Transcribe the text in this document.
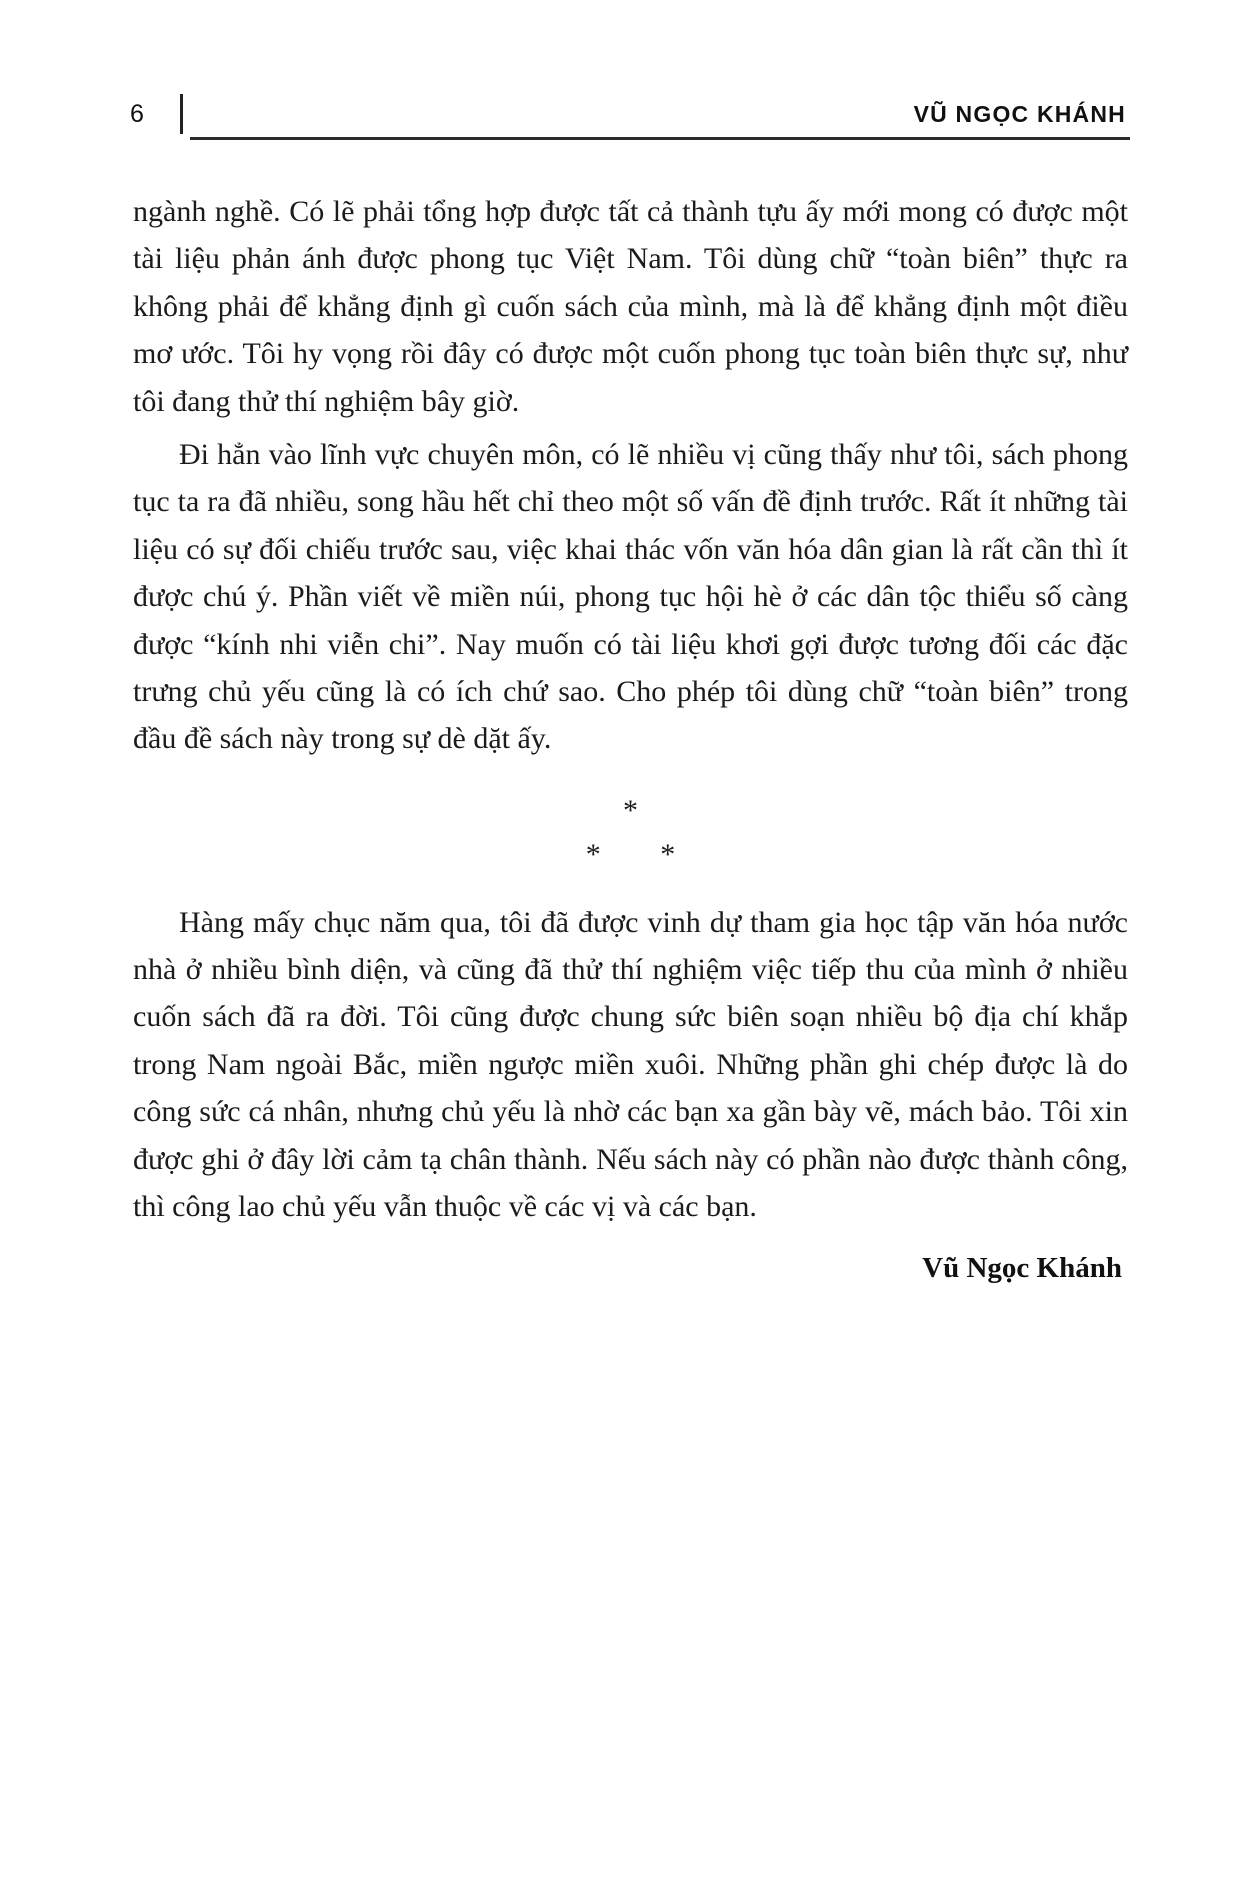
6	VŨ NGỌC KHÁNH

ngành nghề. Có lẽ phải tổng hợp được tất cả thành tựu ấy mới mong có được một tài liệu phản ánh được phong tục Việt Nam. Tôi dùng chữ “toàn biên” thực ra không phải để khẳng định gì cuốn sách của mình, mà là để khẳng định một điều mơ ước. Tôi hy vọng rồi đây có được một cuốn phong tục toàn biên thực sự, như tôi đang thử thí nghiệm bây giờ.

Đi hẳn vào lĩnh vực chuyên môn, có lẽ nhiều vị cũng thấy như tôi, sách phong tục ta ra đã nhiều, song hầu hết chỉ theo một số vấn đề định trước. Rất ít những tài liệu có sự đối chiếu trước sau, việc khai thác vốn văn hóa dân gian là rất cần thì ít được chú ý. Phần viết về miền núi, phong tục hội hè ở các dân tộc thiểu số càng được “kính nhi viễn chi”. Nay muốn có tài liệu khơi gợi được tương đối các đặc trưng chủ yếu cũng là có ích chứ sao. Cho phép tôi dùng chữ “toàn biên” trong đầu đề sách này trong sự dè dặt ấy.

*
* *

Hàng mấy chục năm qua, tôi đã được vinh dự tham gia học tập văn hóa nước nhà ở nhiều bình diện, và cũng đã thử thí nghiệm việc tiếp thu của mình ở nhiều cuốn sách đã ra đời. Tôi cũng được chung sức biên soạn nhiều bộ địa chí khắp trong Nam ngoài Bắc, miền ngược miền xuôi. Những phần ghi chép được là do công sức cá nhân, nhưng chủ yếu là nhờ các bạn xa gần bày vẽ, mách bảo. Tôi xin được ghi ở đây lời cảm tạ chân thành. Nếu sách này có phần nào được thành công, thì công lao chủ yếu vẫn thuộc về các vị và các bạn.

Vũ Ngọc Khánh
